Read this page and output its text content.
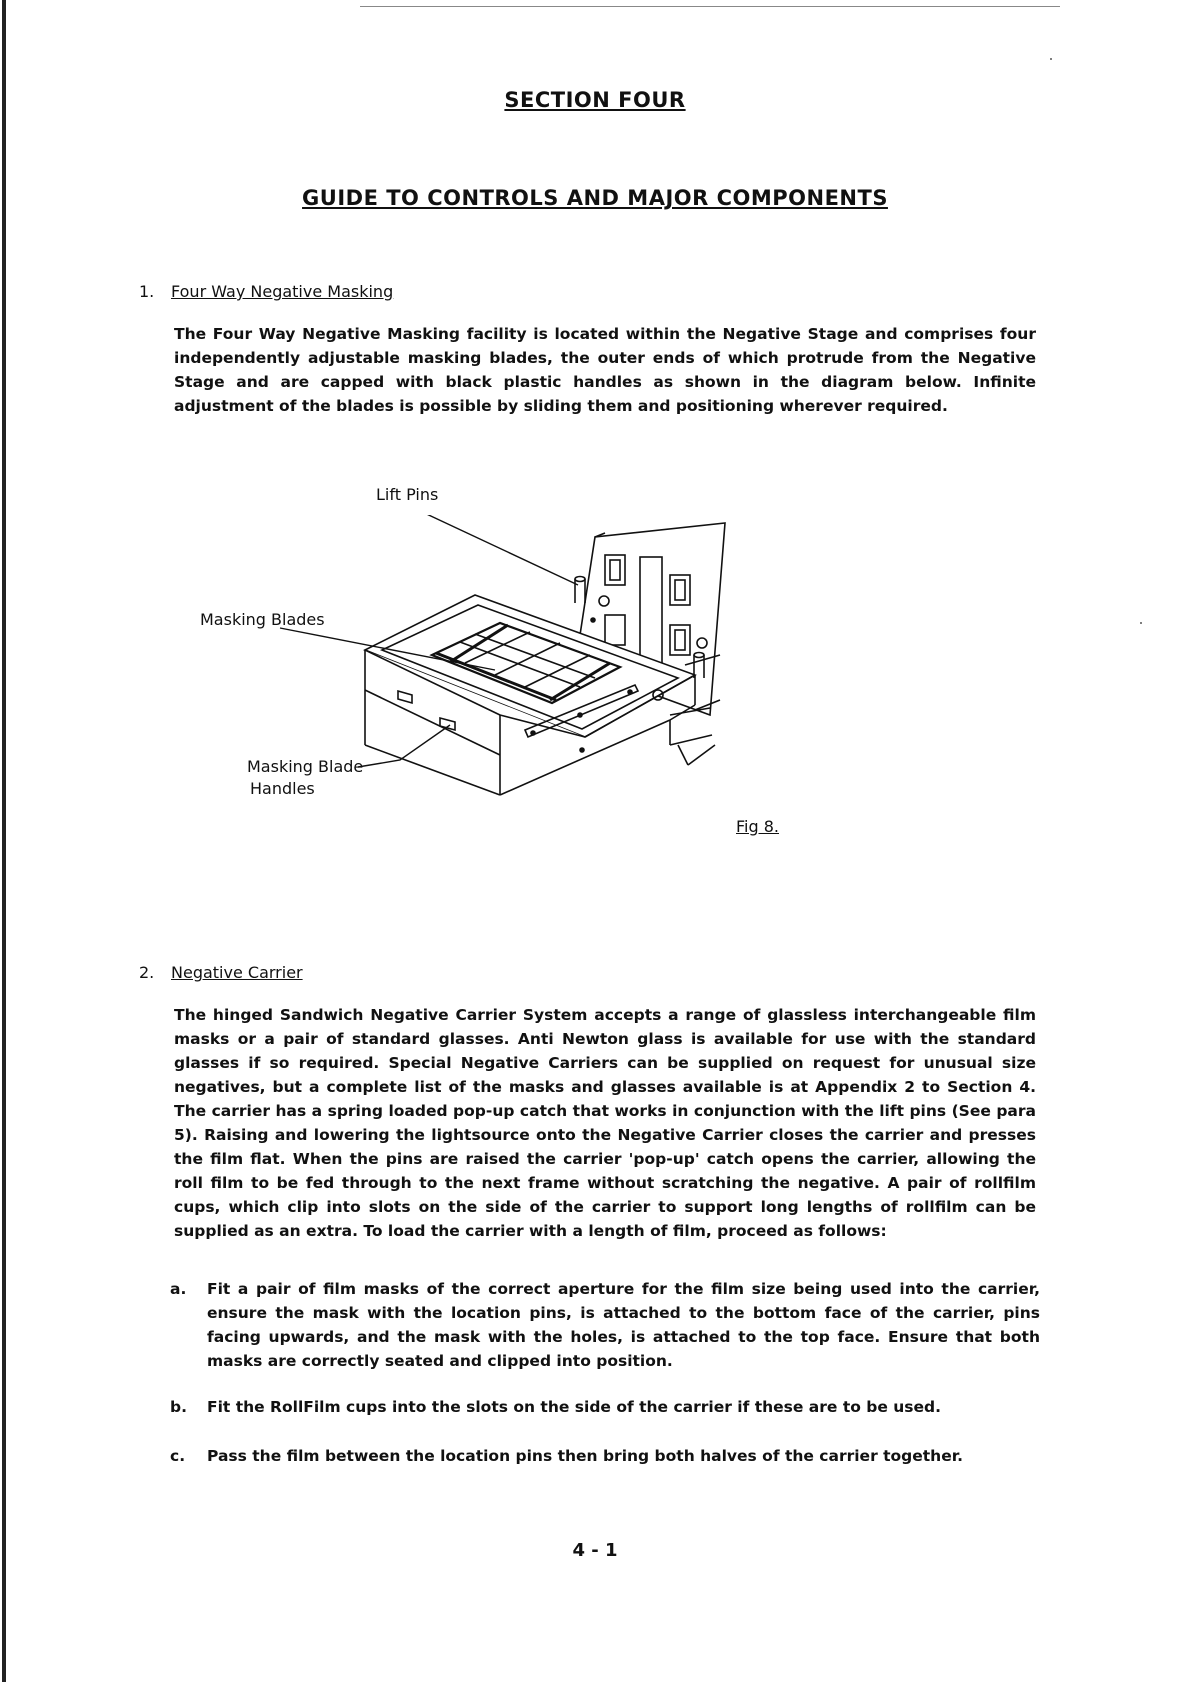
SECTION FOUR
GUIDE TO CONTROLS AND MAJOR COMPONENTS
1. Four Way Negative Masking
The Four Way Negative Masking facility is located within the Negative Stage and comprises four independently adjustable masking blades, the outer ends of which protrude from the Negative Stage and are capped with black plastic handles as shown in the diagram below. Infinite adjustment of the blades is possible by sliding them and positioning wherever required.
Lift Pins
Masking Blades
Masking Blade
Handles
Fig 8.
2. Negative Carrier
The hinged Sandwich Negative Carrier System accepts a range of glassless interchangeable film masks or a pair of standard glasses. Anti Newton glass is available for use with the standard glasses if so required. Special Negative Carriers can be supplied on request for unusual size negatives, but a complete list of the masks and glasses available is at Appendix 2 to Section 4. The carrier has a spring loaded pop-up catch that works in conjunction with the lift pins (See para 5). Raising and lowering the lightsource onto the Negative Carrier closes the carrier and presses the film flat. When the pins are raised the carrier 'pop-up' catch opens the carrier, allowing the roll film to be fed through to the next frame without scratching the negative. A pair of rollfilm cups, which clip into slots on the side of the carrier to support long lengths of rollfilm can be supplied as an extra. To load the carrier with a length of film, proceed as follows:
a. Fit a pair of film masks of the correct aperture for the film size being used into the carrier, ensure the mask with the location pins, is attached to the bottom face of the carrier, pins facing upwards, and the mask with the holes, is attached to the top face. Ensure that both masks are correctly seated and clipped into position.
b. Fit the RollFilm cups into the slots on the side of the carrier if these are to be used.
c. Pass the film between the location pins then bring both halves of the carrier together.
4 - 1
